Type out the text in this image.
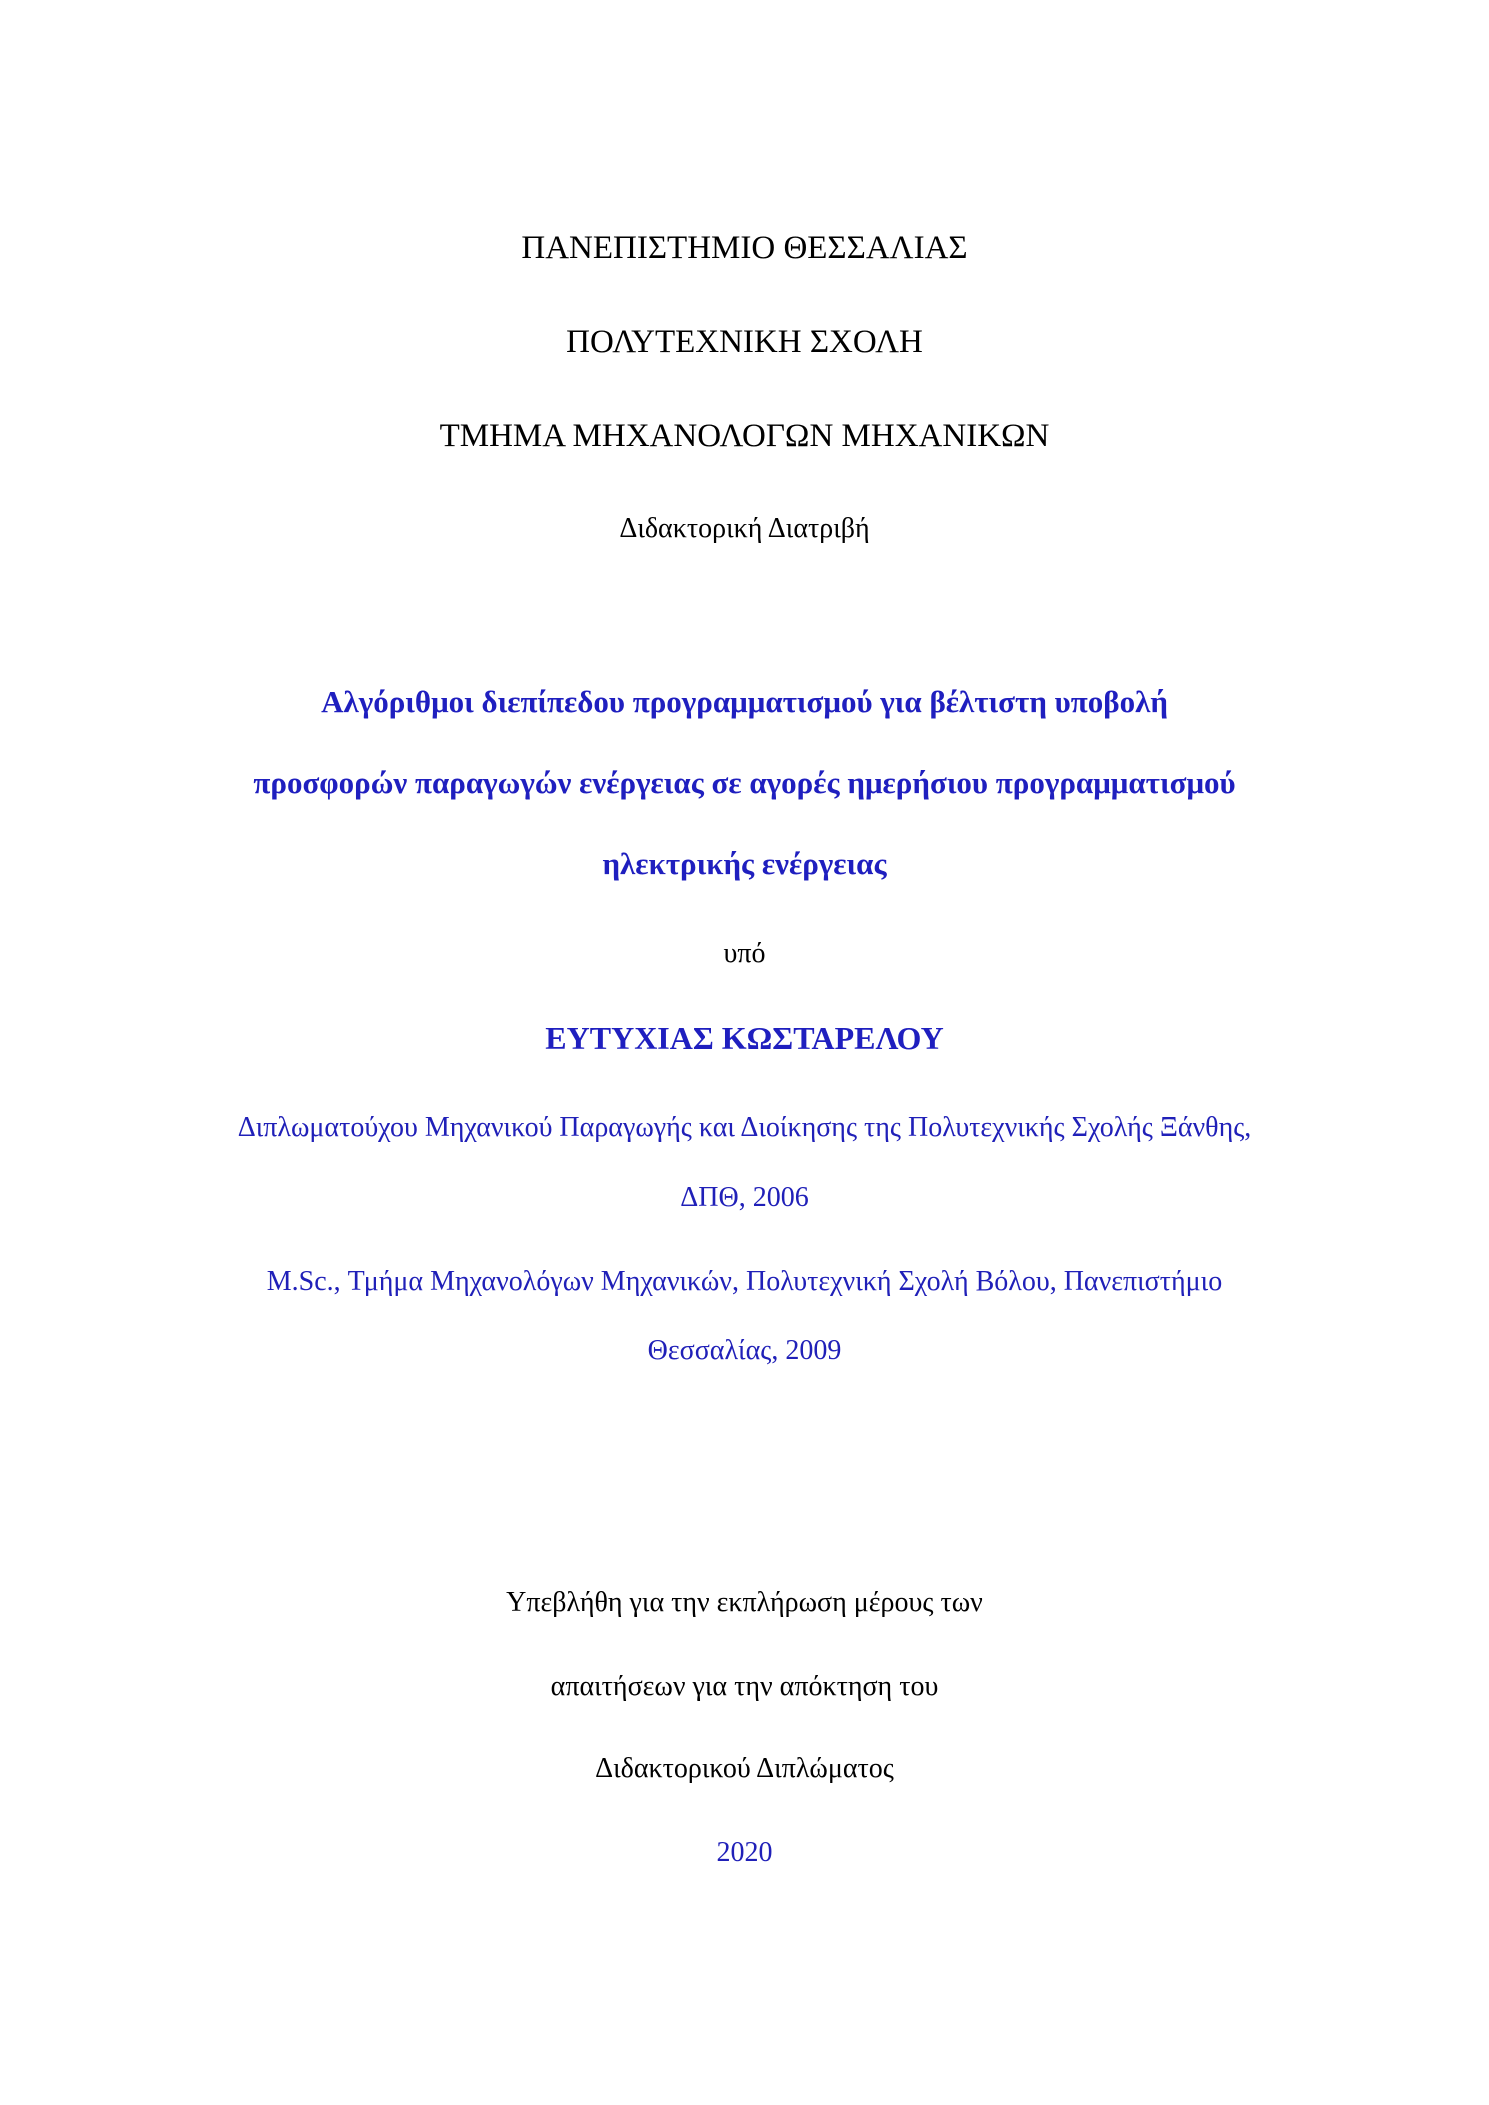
ΠΑΝΕΠΙΣΤΗΜΙΟ ΘΕΣΣΑΛΙΑΣ
ΠΟΛΥΤΕΧΝΙΚΗ ΣΧΟΛΗ
ΤΜΗΜΑ ΜΗΧΑΝΟΛΟΓΩΝ ΜΗΧΑΝΙΚΩΝ
Διδακτορική Διατριβή
Αλγόριθμοι διεπίπεδου προγραμματισμού για βέλτιστη υποβολή
προσφορών παραγωγών ενέργειας σε αγορές ημερήσιου προγραμματισμού
ηλεκτρικής ενέργειας
υπό
ΕΥΤΥΧΙΑΣ ΚΩΣΤΑΡΕΛΟΥ
Διπλωματούχου Μηχανικού Παραγωγής και Διοίκησης της Πολυτεχνικής Σχολής Ξάνθης,
ΔΠΘ, 2006
M.Sc., Τμήμα Μηχανολόγων Μηχανικών, Πολυτεχνική Σχολή Βόλου, Πανεπιστήμιο
Θεσσαλίας, 2009
Υπεβλήθη για την εκπλήρωση μέρους των
απαιτήσεων για την απόκτηση του
Διδακτορικού Διπλώματος
2020
